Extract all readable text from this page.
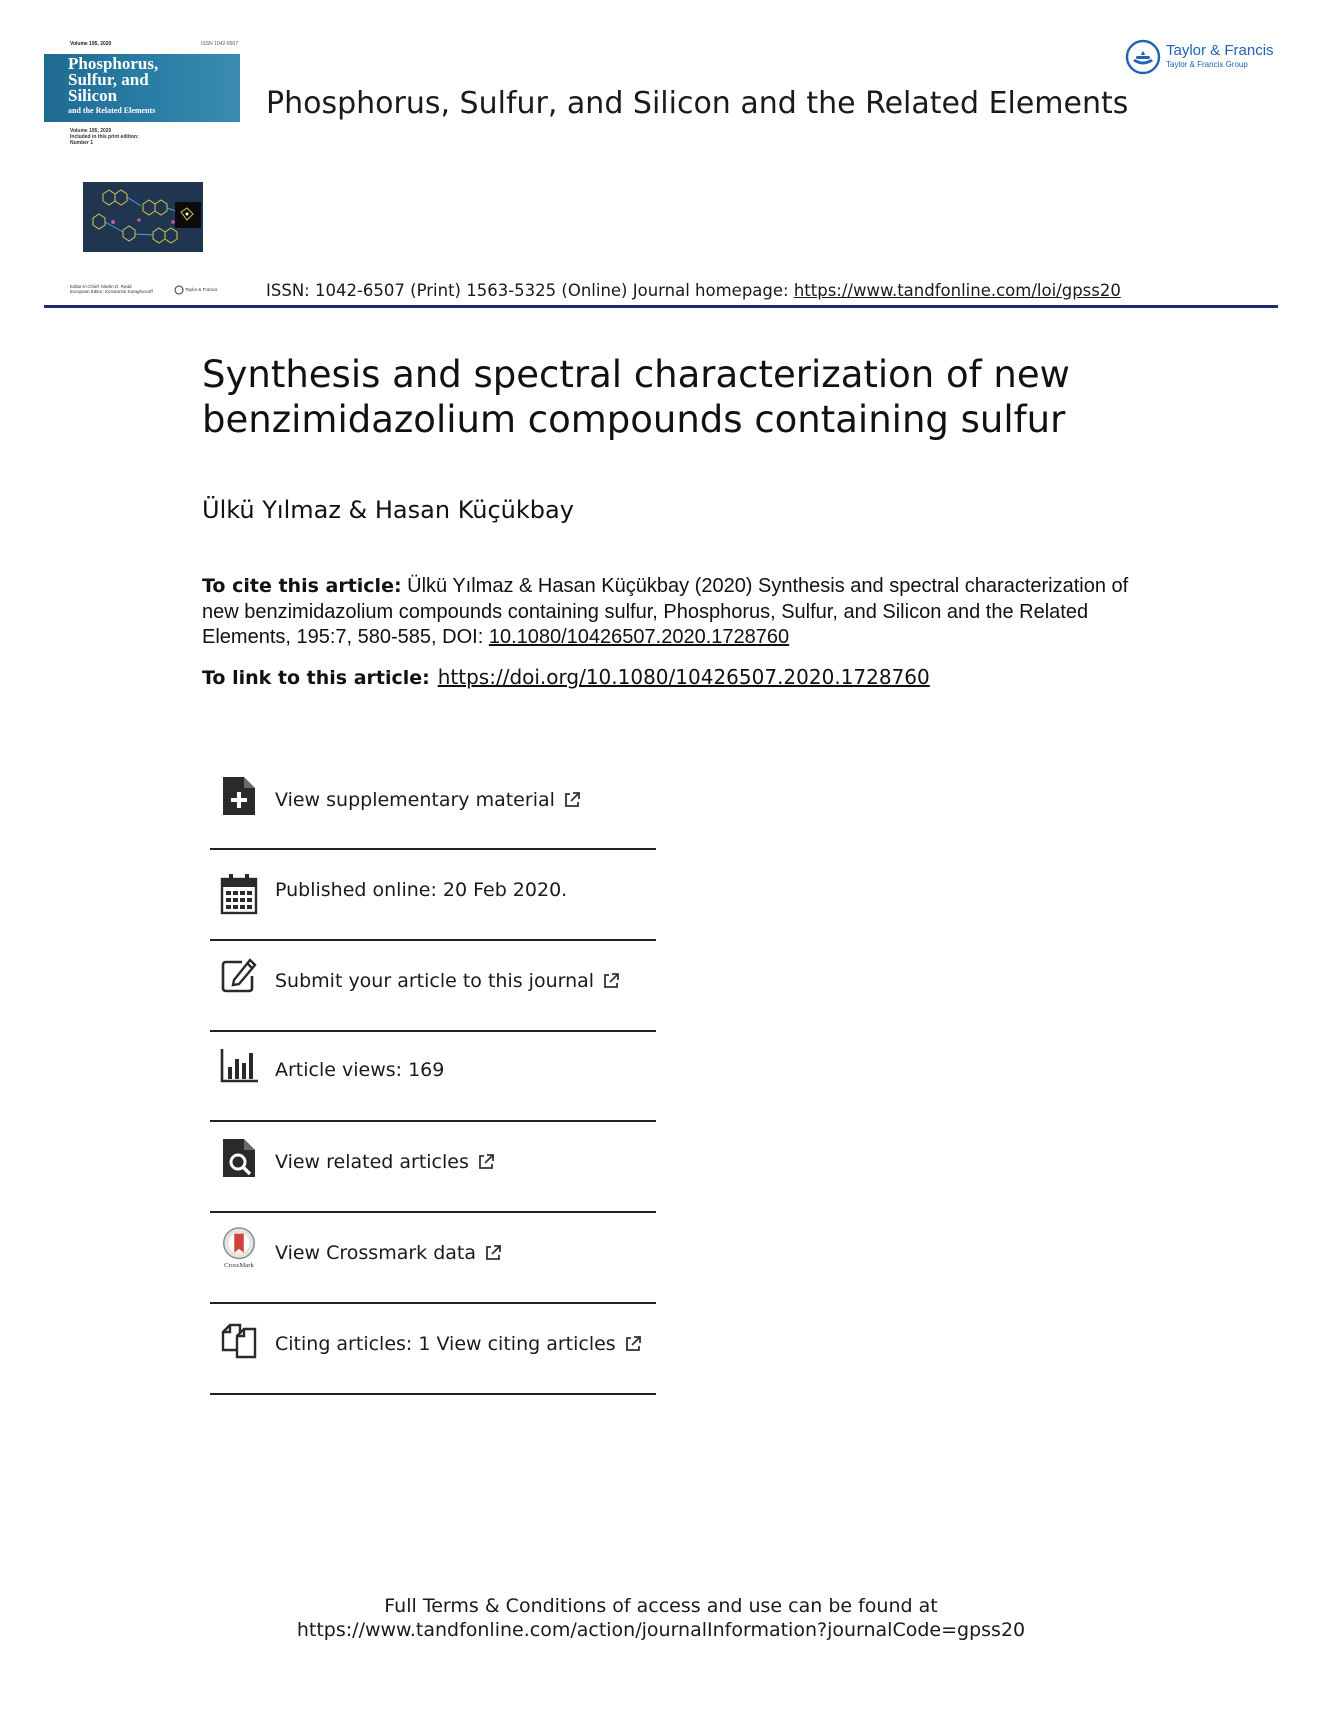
Volume 195, 2020	ISSN 1042-6507
Phosphorus,
Sulfur, and
Silicon
and the Related Elements
Volume 195, 2020
Included in this print edition:
Number 1
Editor-in-Chief: Martin D. Redd
European Editor: Konstantin Karaghiosoff	Taylor & Francis
Taylor & Francis
Taylor & Francis Group
Phosphorus, Sulfur, and Silicon and the Related Elements
ISSN: 1042-6507 (Print) 1563-5325 (Online) Journal homepage: https://www.tandfonline.com/loi/gpss20
Synthesis and spectral characterization of new benzimidazolium compounds containing sulfur
Ülkü Yılmaz & Hasan Küçükbay
To cite this article: Ülkü Yılmaz & Hasan Küçükbay (2020) Synthesis and spectral characterization of new benzimidazolium compounds containing sulfur, Phosphorus, Sulfur, and Silicon and the Related Elements, 195:7, 580-585, DOI: 10.1080/10426507.2020.1728760
To link to this article: https://doi.org/10.1080/10426507.2020.1728760
View supplementary material
Published online: 20 Feb 2020.
Submit your article to this journal
Article views: 169
View related articles
CrossMark
View Crossmark data
Citing articles: 1 View citing articles
Full Terms & Conditions of access and use can be found at
https://www.tandfonline.com/action/journalInformation?journalCode=gpss20
